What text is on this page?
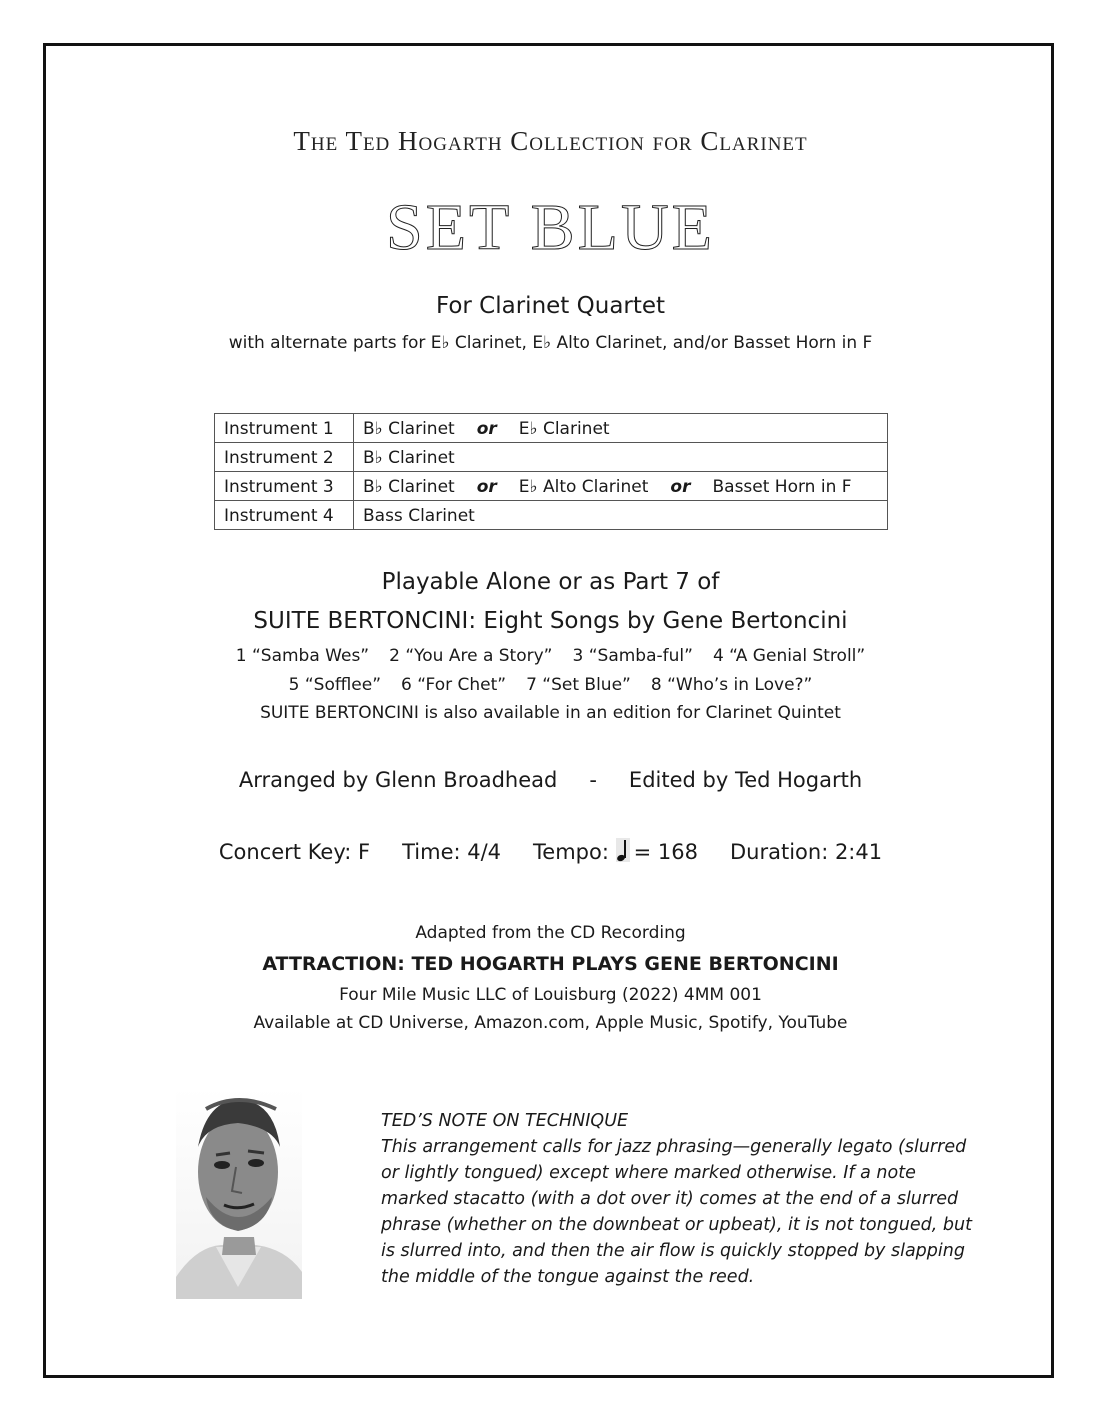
The Ted Hogarth Collection for Clarinet
SET BLUE
For Clarinet Quartet
with alternate parts for E♭ Clarinet, E♭ Alto Clarinet, and/or Basset Horn in F
Instrument 1	B♭ Clarinet or E♭ Clarinet
Instrument 2	B♭ Clarinet
Instrument 3	B♭ Clarinet or E♭ Alto Clarinet or Basset Horn in F
Instrument 4	Bass Clarinet
Playable Alone or as Part 7 of
SUITE BERTONCINI: Eight Songs by Gene Bertoncini
1 “Samba Wes” 2 “You Are a Story” 3 “Samba-ful” 4 “A Genial Stroll”
5 “Sofflee” 6 “For Chet” 7 “Set Blue” 8 “Who’s in Love?”
SUITE BERTONCINI is also available in an edition for Clarinet Quintet
Arranged by Glenn Broadhead - Edited by Ted Hogarth
Concert Key: F Time: 4/4 Tempo: = 168 Duration: 2:41
Adapted from the CD Recording
ATTRACTION: TED HOGARTH PLAYS GENE BERTONCINI
Four Mile Music LLC of Louisburg (2022) 4MM 001
Available at CD Universe, Amazon.com, Apple Music, Spotify, YouTube
TED’S NOTE ON TECHNIQUE
This arrangement calls for jazz phrasing—generally legato (slurred
or lightly tongued) except where marked otherwise. If a note
marked stacatto (with a dot over it) comes at the end of a slurred
phrase (whether on the downbeat or upbeat), it is not tongued, but
is slurred into, and then the air flow is quickly stopped by slapping
the middle of the tongue against the reed.
